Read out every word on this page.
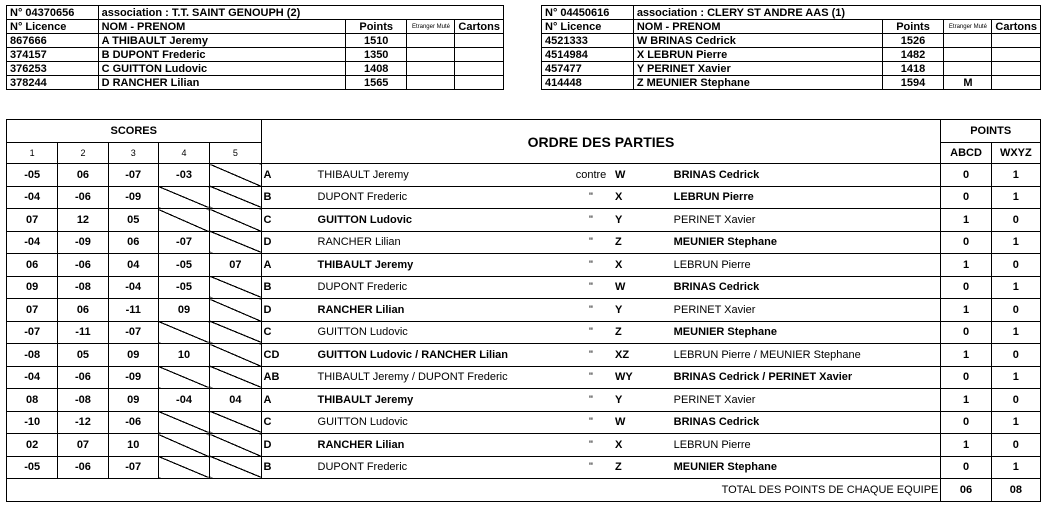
N° 04370656	association : T.T. SAINT GENOUPH (2)			
N° Licence	NOM - PRENOM	Points	Etranger Muté	Cartons
867666	A THIBAULT Jeremy	1510		
374157	B DUPONT Frederic	1350		
376253	C GUITTON Ludovic	1408		
378244	D RANCHER Lilian	1565		
N° 04450616	association : CLERY ST ANDRE AAS (1)			
N° Licence	NOM - PRENOM	Points	Etranger Muté	Cartons
4521333	W BRINAS Cedrick	1526		
4514984	X LEBRUN Pierre	1482		
457477	Y PERINET Xavier	1418		
414448	Z MEUNIER Stephane	1594	M	
SCORES					ORDRE DES PARTIES					POINTS	
1	2	3	4	5						ABCD	WXYZ
-05	06	-07	-03		A	THIBAULT Jeremy	contre	W	BRINAS Cedrick	0	1
-04	-06	-09			B	DUPONT Frederic	"	X	LEBRUN Pierre	0	1
07	12	05			C	GUITTON Ludovic	"	Y	PERINET Xavier	1	0
-04	-09	06	-07		D	RANCHER Lilian	"	Z	MEUNIER Stephane	0	1
06	-06	04	-05	07	A	THIBAULT Jeremy	"	X	LEBRUN Pierre	1	0
09	-08	-04	-05		B	DUPONT Frederic	"	W	BRINAS Cedrick	0	1
07	06	-11	09		D	RANCHER Lilian	"	Y	PERINET Xavier	1	0
-07	-11	-07			C	GUITTON Ludovic	"	Z	MEUNIER Stephane	0	1
-08	05	09	10		CD	GUITTON Ludovic / RANCHER Lilian	"	XZ	LEBRUN Pierre / MEUNIER Stephane	1	0
-04	-06	-09			AB	THIBAULT Jeremy / DUPONT Frederic	"	WY	BRINAS Cedrick / PERINET Xavier	0	1
08	-08	09	-04	04	A	THIBAULT Jeremy	"	Y	PERINET Xavier	1	0
-10	-12	-06			C	GUITTON Ludovic	"	W	BRINAS Cedrick	0	1
02	07	10			D	RANCHER Lilian	"	X	LEBRUN Pierre	1	0
-05	-06	-07			B	DUPONT Frederic	"	Z	MEUNIER Stephane	0	1
TOTAL DES POINTS DE CHAQUE EQUIPE										06	08
